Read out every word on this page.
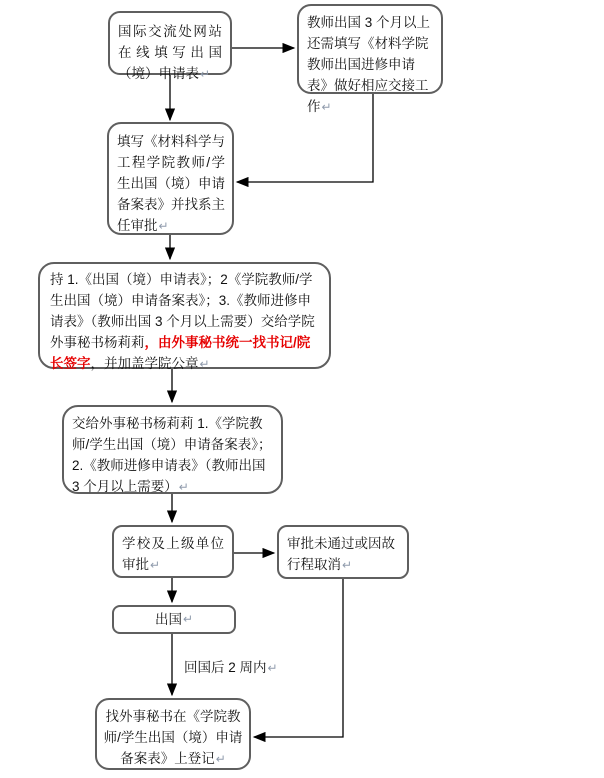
国际交流处网站在线填写出国（境）申请表↵
教师出国 3 个月以上还需填写《材料学院教师出国进修申请表》做好相应交接工作↵
填写《材料科学与工程学院教师/学生出国（境）申请备案表》并找系主任审批↵
持 1.《出国（境）申请表》；2《学院教师/学生出国（境）申请备案表》；3.《教师进修申请表》（教师出国 3 个月以上需要）交给学院外事秘书杨莉莉，由外事秘书统一找书记/院长签字，并加盖学院公章↵
交给外事秘书杨莉莉 1.《学院教师/学生出国（境）申请备案表》；2.《教师进修申请表》（教师出国 3 个月以上需要）↵
学校及上级单位审批↵
审批未通过或因故行程取消↵
出国 ↵
找外事秘书在《学院教师/学生出国（境）申请备案表》上登记↵
回国后 2 周内↵
